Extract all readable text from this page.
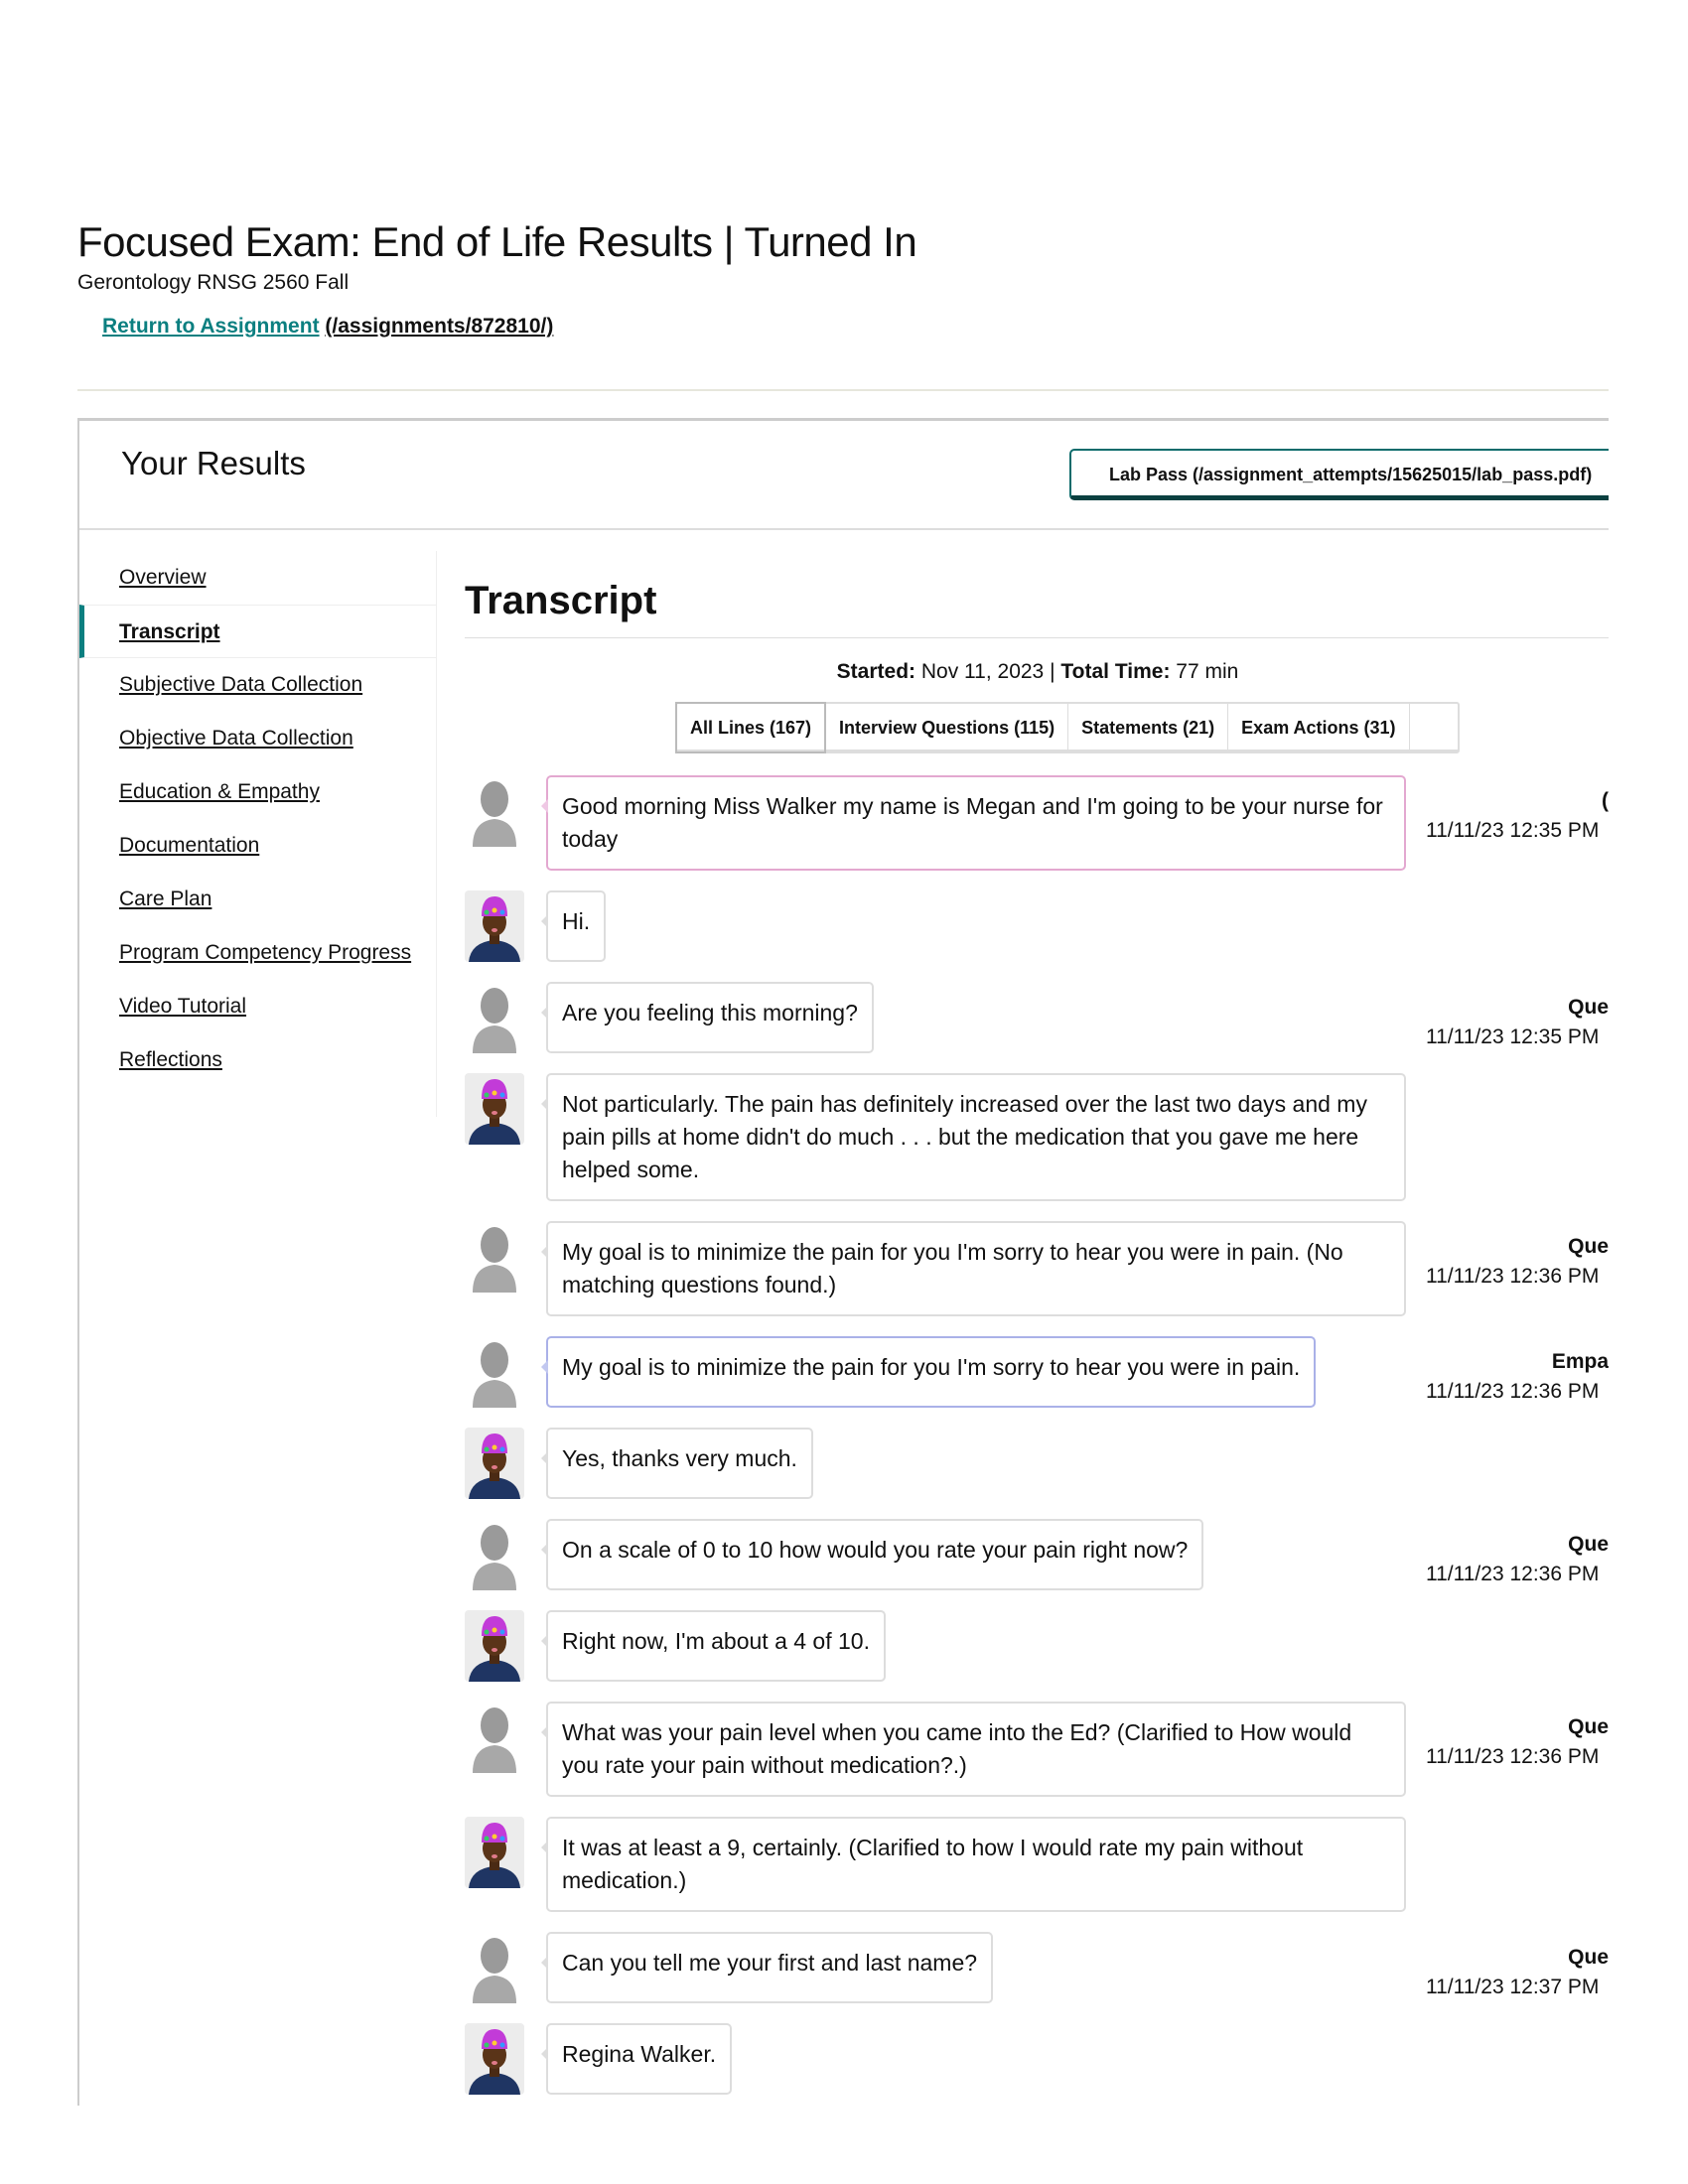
Focused Exam: End of Life Results | Turned In
Gerontology RNSG 2560 Fall
Return to Assignment (/assignments/872810/)
Your Results	Lab Pass (/assignment_attempts/15625015/lab_pass.pdf)
Overview
Transcript
Subjective Data Collection
Objective Data Collection
Education & Empathy
Documentation
Care Plan
Program Competency Progress
Video Tutorial
Reflections
Transcript
Started: Nov 11, 2023 | Total Time: 77 min
All Lines (167)	Interview Questions (115)	Statements (21)	Exam Actions (31)
Good morning Miss Walker my name is Megan and I'm going to be your nurse for today
(
11/11/23 12:35 PM
Hi.
Are you feeling this morning?	Que
11/11/23 12:35 PM
Not particularly. The pain has definitely increased over the last two days and my pain pills at home didn't do much . . . but the medication that you gave me here helped some.
My goal is to minimize the pain for you I'm sorry to hear you were in pain. (No matching questions found.)
Que
11/11/23 12:36 PM
My goal is to minimize the pain for you I'm sorry to hear you were in pain.	Empa
11/11/23 12:36 PM
Yes, thanks very much.
On a scale of 0 to 10 how would you rate your pain right now?	Que
11/11/23 12:36 PM
Right now, I'm about a 4 of 10.
What was your pain level when you came into the Ed? (Clarified to How would you rate your pain without medication?.)
Que
11/11/23 12:36 PM
It was at least a 9, certainly. (Clarified to how I would rate my pain without medication.)
Can you tell me your first and last name?	Que
11/11/23 12:37 PM
Regina Walker.
